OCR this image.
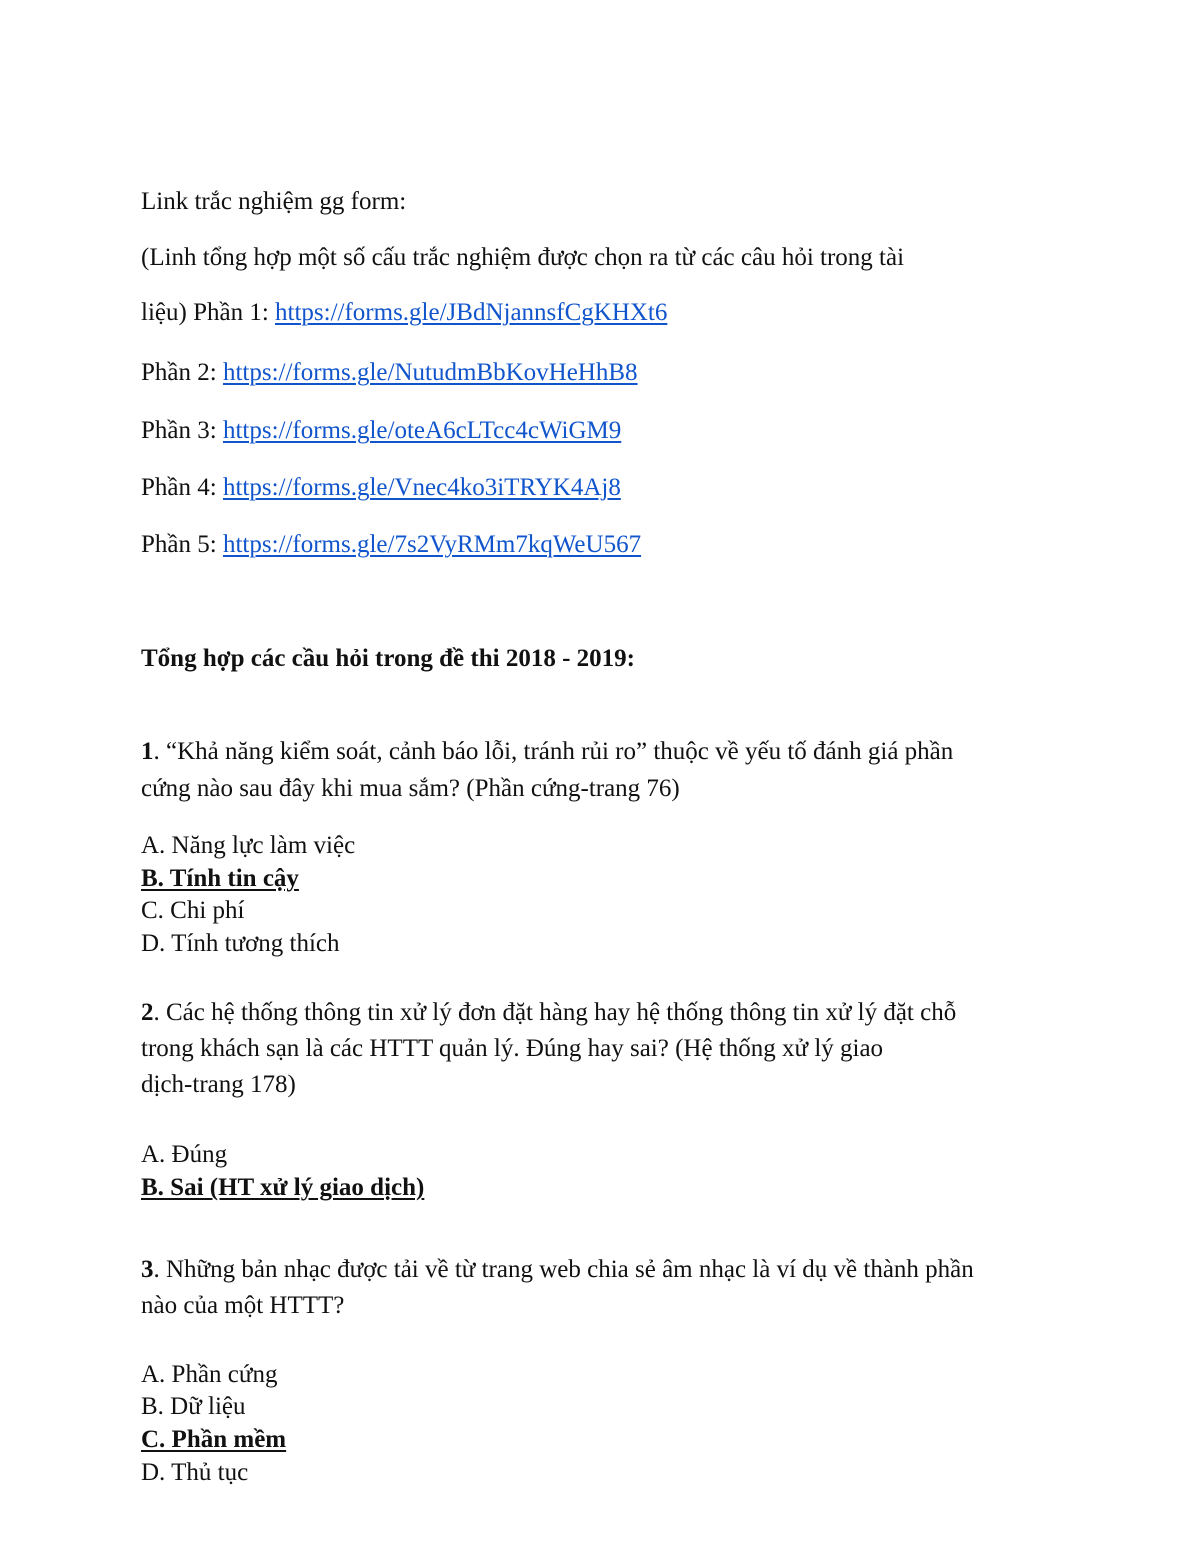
Link trắc nghiệm gg form:
(Linh tổng hợp một số cấu trắc nghiệm được chọn ra từ các câu hỏi trong tài
liệu) Phần 1: https://forms.gle/JBdNjannsfCgKHXt6
Phần 2: https://forms.gle/NutudmBbKovHeHhB8
Phần 3: https://forms.gle/oteA6cLTcc4cWiGM9
Phần 4: https://forms.gle/Vnec4ko3iTRYK4Aj8
Phần 5: https://forms.gle/7s2VyRMm7kqWeU567
Tổng hợp các cầu hỏi trong đề thi 2018 - 2019:
1. “Khả năng kiểm soát, cảnh báo lỗi, tránh rủi ro” thuộc về yếu tố đánh giá phần
cứng nào sau đây khi mua sắm? (Phần cứng-trang 76)
A. Năng lực làm việc
B. Tính tin cậy
C. Chi phí
D. Tính tương thích
2. Các hệ thống thông tin xử lý đơn đặt hàng hay hệ thống thông tin xử lý đặt chỗ
trong khách sạn là các HTTT quản lý. Đúng hay sai? (Hệ thống xử lý giao
dịch-trang 178)
A. Đúng
B. Sai (HT xử lý giao dịch)
3. Những bản nhạc được tải về từ trang web chia sẻ âm nhạc là ví dụ về thành phần
nào của một HTTT?
A. Phần cứng
B. Dữ liệu
C. Phần mềm
D. Thủ tục
